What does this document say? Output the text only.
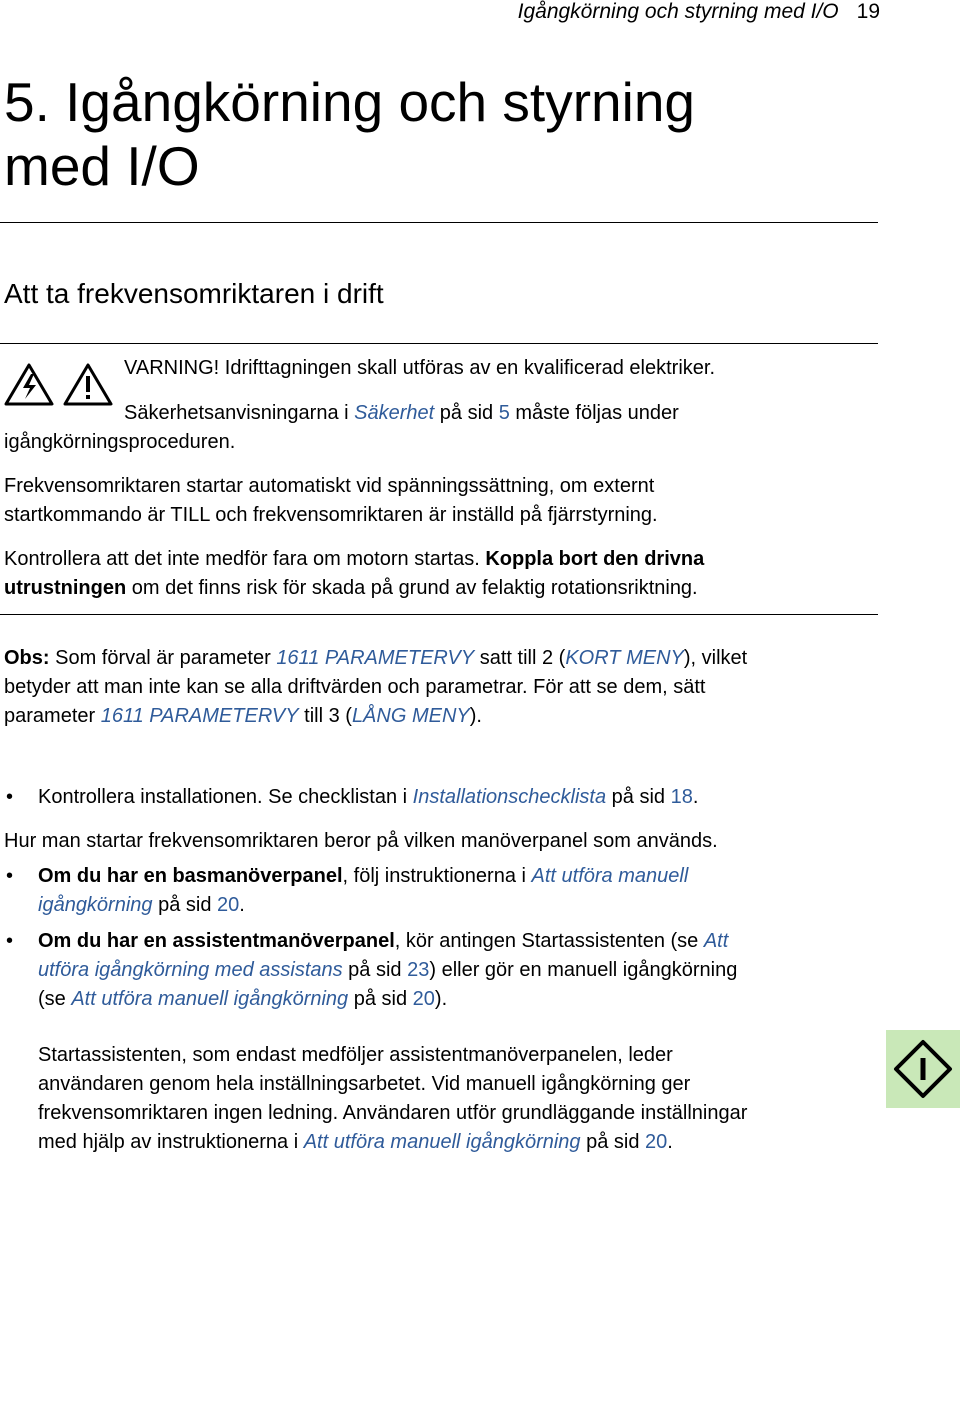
Igångkörning och styrning med I/O 19
5. Igångkörning och styrning
med I/O
Att ta frekvensomriktaren i drift
VARNING! Idrifttagningen skall utföras av en kvalificerad elektriker.
Säkerhetsanvisningarna i Säkerhet på sid 5 måste följas under
igångkörningsproceduren.
Frekvensomriktaren startar automatiskt vid spänningssättning, om externt
startkommando är TILL och frekvensomriktaren är inställd på fjärrstyrning.
Kontrollera att det inte medför fara om motorn startas. Koppla bort den drivna
utrustningen om det finns risk för skada på grund av felaktig rotationsriktning.
Obs: Som förval är parameter 1611 PARAMETERVY satt till 2 (KORT MENY), vilket
betyder att man inte kan se alla driftvärden och parametrar. För att se dem, sätt
parameter 1611 PARAMETERVY till 3 (LÅNG MENY).
• Kontrollera installationen. Se checklistan i Installationschecklista på sid 18.
Hur man startar frekvensomriktaren beror på vilken manöverpanel som används.
• Om du har en basmanöverpanel, följ instruktionerna i Att utföra manuell
igångkörning på sid 20.
• Om du har en assistentmanöverpanel, kör antingen Startassistenten (se Att
utföra igångkörning med assistans på sid 23) eller gör en manuell igångkörning
(se Att utföra manuell igångkörning på sid 20).
Startassistenten, som endast medföljer assistentmanöverpanelen, leder
användaren genom hela inställningsarbetet. Vid manuell igångkörning ger
frekvensomriktaren ingen ledning. Användaren utför grundläggande inställningar
med hjälp av instruktionerna i Att utföra manuell igångkörning på sid 20.
